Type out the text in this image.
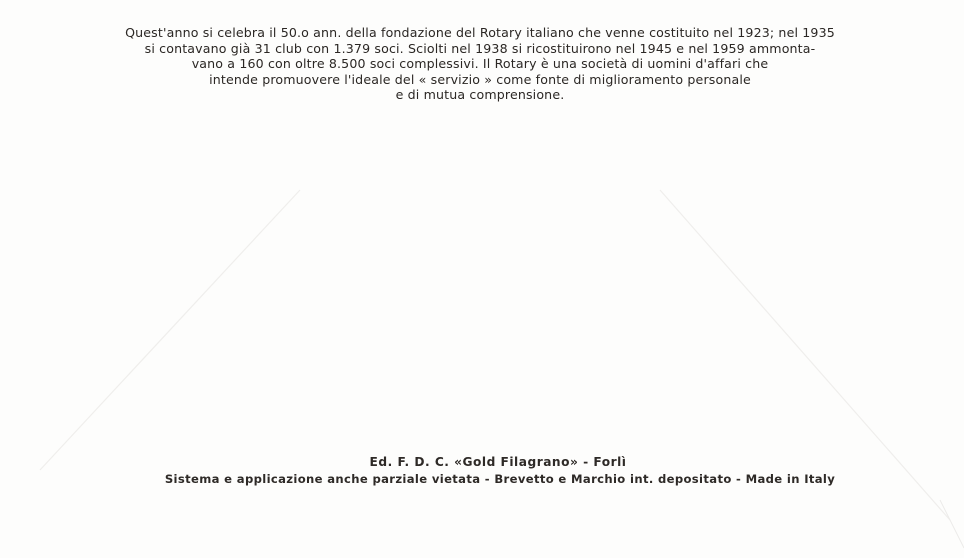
Quest'anno si celebra il 50.o ann. della fondazione del Rotary italiano che venne costituito nel 1923; nel 1935
si contavano già 31 club con 1.379 soci. Sciolti nel 1938 si ricostituirono nel 1945 e nel 1959 ammonta-
vano a 160 con oltre 8.500 soci complessivi. Il Rotary è una società di uomini d'affari che
intende promuovere l'ideale del « servizio » come fonte di miglioramento personale
e di mutua comprensione.

Ed. F. D. C. «Gold Filagrano» - Forlì
Sistema e applicazione anche parziale vietata - Brevetto e Marchio int. depositato - Made in Italy
